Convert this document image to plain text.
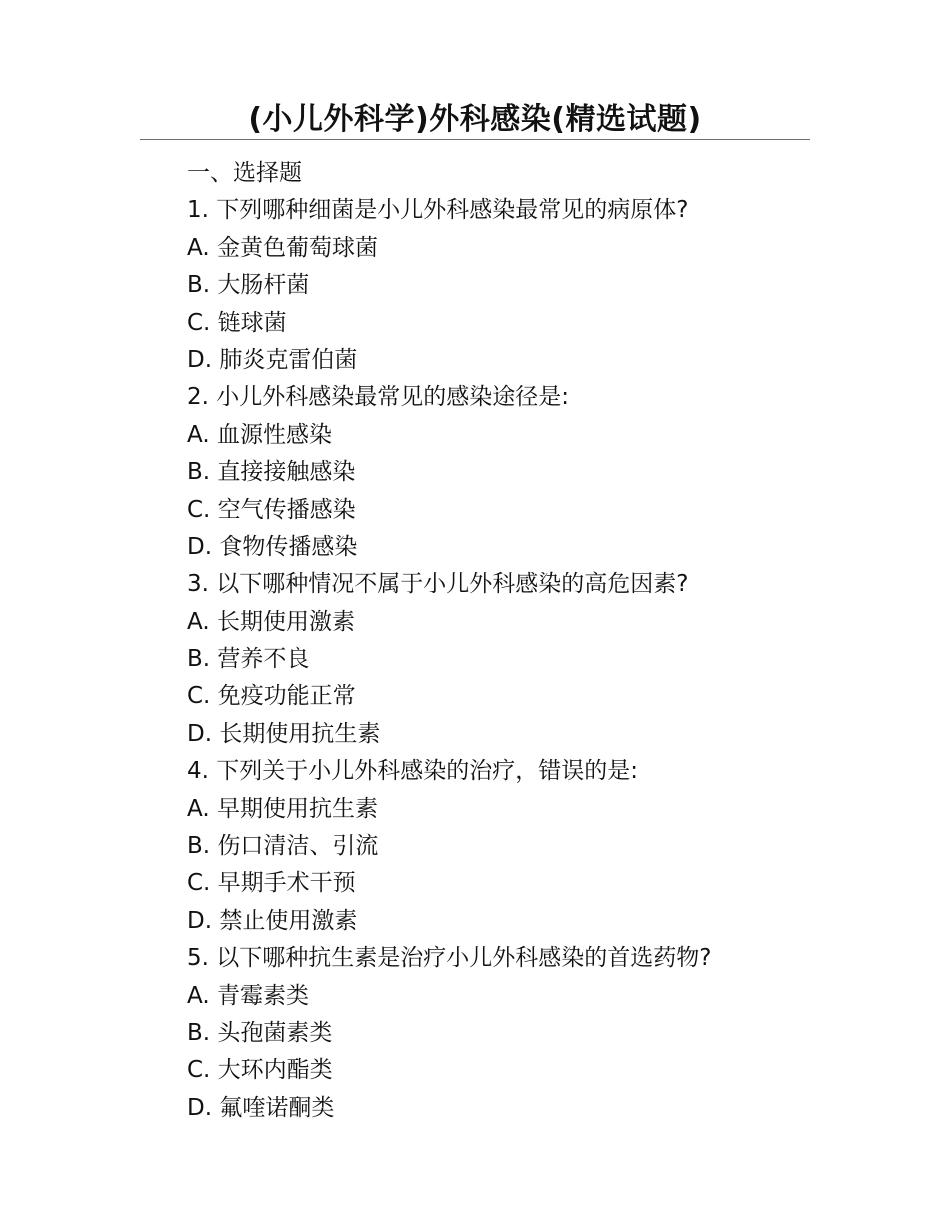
(小儿外科学)外科感染(精选试题)
一、选择题
1. 下列哪种细菌是小儿外科感染最常见的病原体?
A. 金黄色葡萄球菌
B. 大肠杆菌
C. 链球菌
D. 肺炎克雷伯菌
2. 小儿外科感染最常见的感染途径是:
A. 血源性感染
B. 直接接触感染
C. 空气传播感染
D. 食物传播感染
3. 以下哪种情况不属于小儿外科感染的高危因素?
A. 长期使用激素
B. 营养不良
C. 免疫功能正常
D. 长期使用抗生素
4. 下列关于小儿外科感染的治疗，错误的是:
A. 早期使用抗生素
B. 伤口清洁、引流
C. 早期手术干预
D. 禁止使用激素
5. 以下哪种抗生素是治疗小儿外科感染的首选药物?
A. 青霉素类
B. 头孢菌素类
C. 大环内酯类
D. 氟喹诺酮类
